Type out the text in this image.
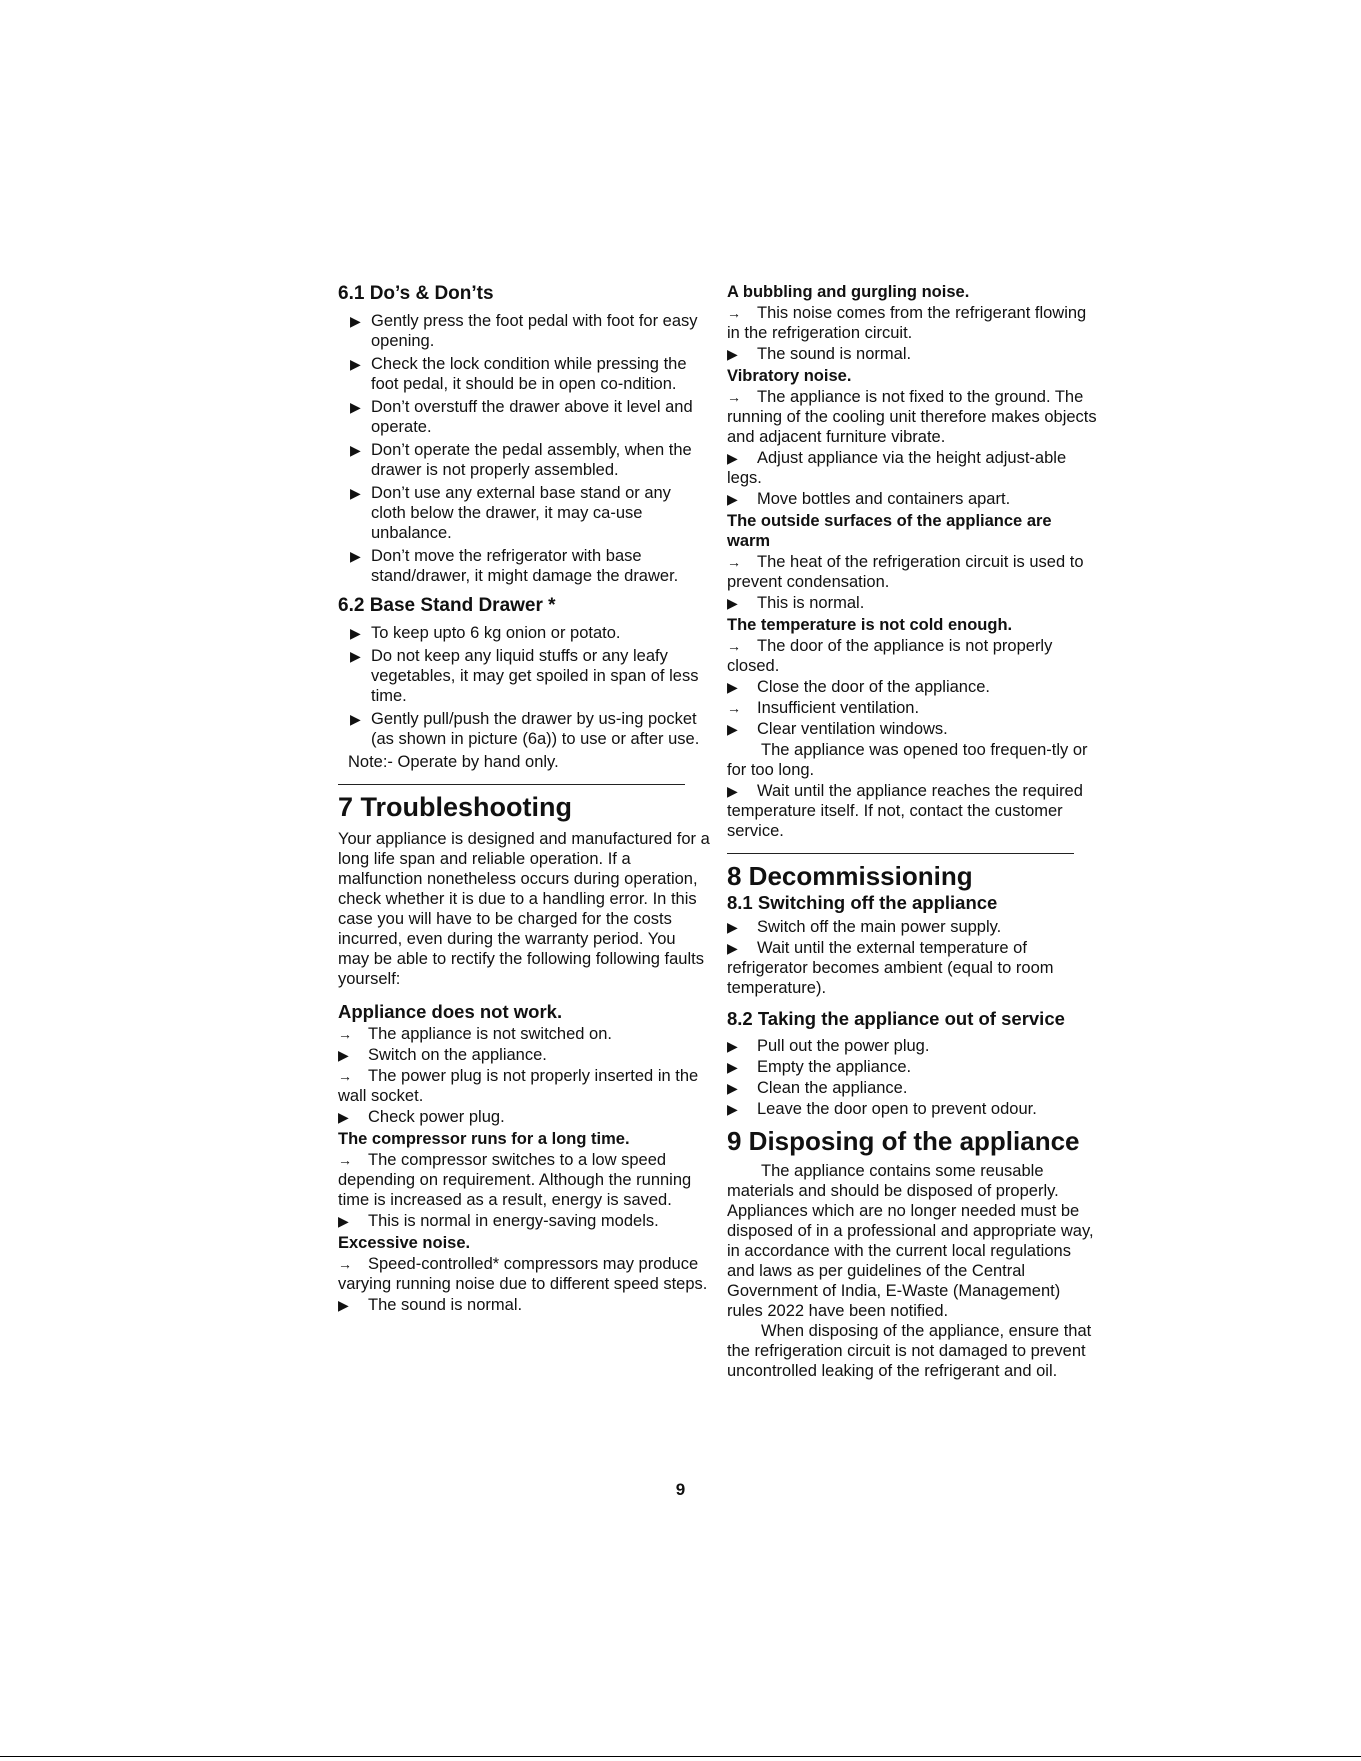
6.1 Do’s & Don’ts
▶ Gently press the foot pedal with foot for easy opening.
▶ Check the lock condition while pressing the foot pedal, it should be in open co-ndition.
▶ Don’t overstuff the drawer above it level and operate.
▶ Don’t operate the pedal assembly, when the drawer is not properly assembled.
▶ Don’t use any external base stand or any cloth below the drawer, it may ca-use unbalance.
▶ Don’t move the refrigerator with base stand/drawer, it might damage the drawer.
6.2 Base Stand Drawer *
▶ To keep upto 6 kg onion or potato.
▶ Do not keep any liquid stuffs or any leafy vegetables, it may get spoiled in span of less time.
▶ Gently pull/push the drawer by us-ing pocket (as shown in picture (6a)) to use or after use.
Note:- Operate by hand only.
7 Troubleshooting
Your appliance is designed and manufactured for a long life span and reliable operation. If a malfunction nonetheless occurs during operation, check whether it is due to a handling error. In this case you will have to be charged for the costs incurred, even during the warranty period. You may be able to rectify the following following faults yourself:
Appliance does not work.
→ The appliance is not switched on.
▶ Switch on the appliance.
→ The power plug is not properly inserted in the wall socket.
▶ Check power plug.
The compressor runs for a long time.
→ The compressor switches to a low speed depending on requirement. Although the running time is increased as a result, energy is saved.
▶ This is normal in energy-saving models.
Excessive noise.
→ Speed-controlled* compressors may produce varying running noise due to different speed steps.
▶ The sound is normal.
A bubbling and gurgling noise.
→ This noise comes from the refrigerant flowing in the refrigeration circuit.
▶ The sound is normal.
Vibratory noise.
→ The appliance is not fixed to the ground. The running of the cooling unit therefore makes objects and adjacent furniture vibrate.
▶ Adjust appliance via the height adjust-able legs.
▶ Move bottles and containers apart.
The outside surfaces of the appliance are warm
→ The heat of the refrigeration circuit is used to prevent condensation.
▶ This is normal.
The temperature is not cold enough.
→ The door of the appliance is not properly closed.
▶ Close the door of the appliance.
→ Insufficient ventilation.
▶ Clear ventilation windows.
The appliance was opened too frequen-tly or for too long.
▶ Wait until the appliance reaches the required temperature itself. If not, contact the customer service.
8 Decommissioning
8.1 Switching off the appliance
▶ Switch off the main power supply.
▶ Wait until the external temperature of refrigerator becomes ambient (equal to room temperature).
8.2 Taking the appliance out of service
▶ Pull out the power plug.
▶ Empty the appliance.
▶ Clean the appliance.
▶ Leave the door open to prevent odour.
9 Disposing of the appliance
The appliance contains some reusable materials and should be disposed of properly. Appliances which are no longer needed must be disposed of in a professional and appropriate way, in accordance with the current local regulations and laws as per guidelines of the Central Government of India, E-Waste (Management) rules 2022 have been notified.
When disposing of the appliance, ensure that the refrigeration circuit is not damaged to prevent uncontrolled leaking of the refrigerant and oil.
9
